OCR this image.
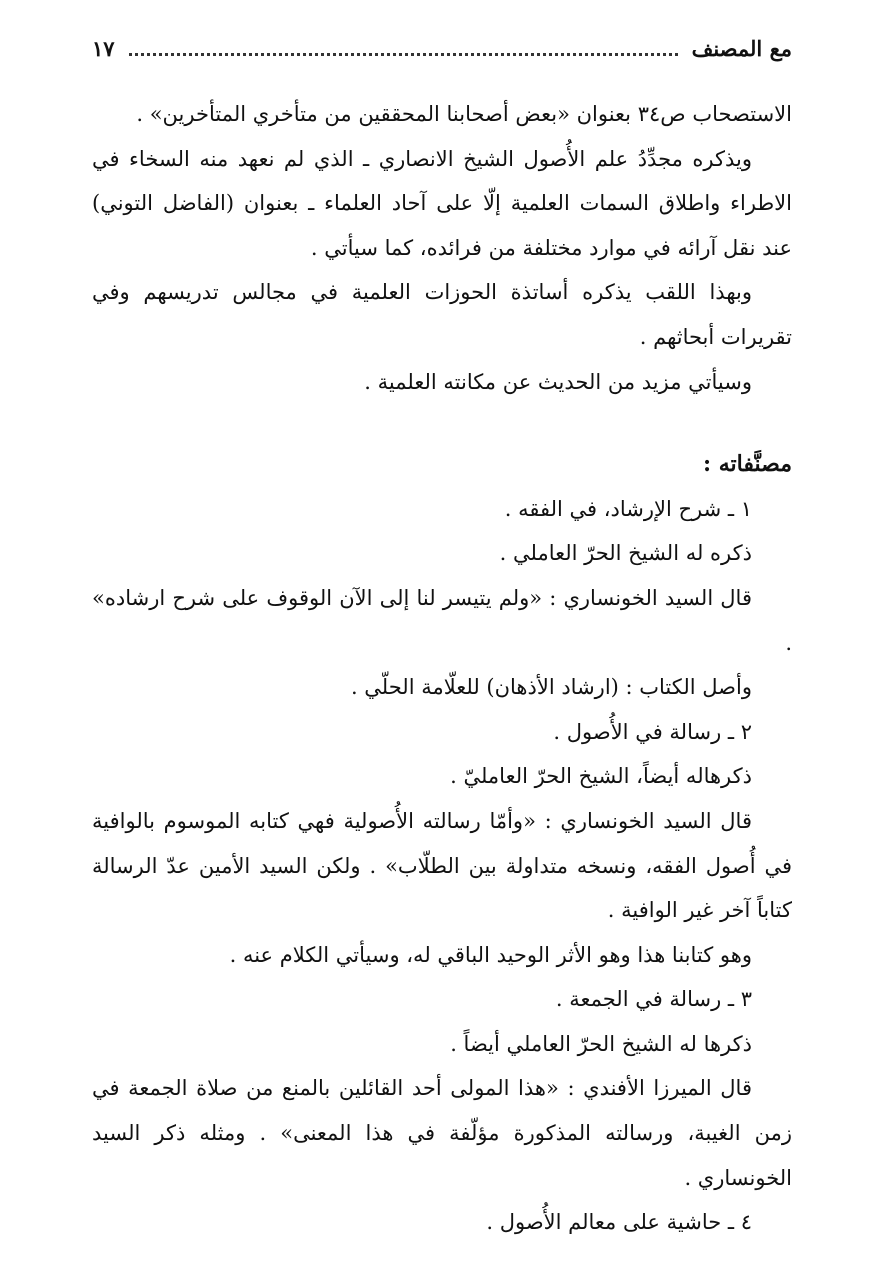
مع المصنف
١٧

الاستصحاب ص٣٤ بعنوان «بعض أصحابنا المحققين من متأخري المتأخرين» .

ويذكره مجدِّدُ علم الأُصول الشيخ الانصاري ـ الذي لم نعهد منه السخاء في الاطراء واطلاق السمات العلمية إلّا على آحاد العلماء ـ بعنوان (الفاضل التوني) عند نقل آرائه في موارد مختلفة من فرائده، كما سيأتي .

وبهذا اللقب يذكره أساتذة الحوزات العلمية في مجالس تدريسهم وفي تقريرات أبحاثهم .

وسيأتي مزيد من الحديث عن مكانته العلمية .

مصنَّفاته :

١ ـ شرح الإرشاد، في الفقه .

ذكره له الشيخ الحرّ العاملي .

قال السيد الخونساري : «ولم يتيسر لنا إلى الآن الوقوف على شرح ارشاده» .

وأصل الكتاب : (ارشاد الأذهان) للعلّامة الحلّي .

٢ ـ رسالة في الأُصول .

ذكرهاله أيضاً، الشيخ الحرّ العامليّ .

قال السيد الخونساري : «وأمّا رسالته الأُصولية فهي كتابه الموسوم بالوافية في أُصول الفقه، ونسخه متداولة بين الطلّاب» . ولكن السيد الأمين عدّ الرسالة كتاباً آخر غير الوافية .

وهو كتابنا هذا وهو الأثر الوحيد الباقي له، وسيأتي الكلام عنه .

٣ ـ رسالة في الجمعة .

ذكرها له الشيخ الحرّ العاملي أيضاً .

قال الميرزا الأفندي : «هذا المولى أحد القائلين بالمنع من صلاة الجمعة في زمن الغيبة، ورسالته المذكورة مؤلّفة في هذا المعنى» . ومثله ذكر السيد الخونساري .

٤ ـ حاشية على معالم الأُصول .
